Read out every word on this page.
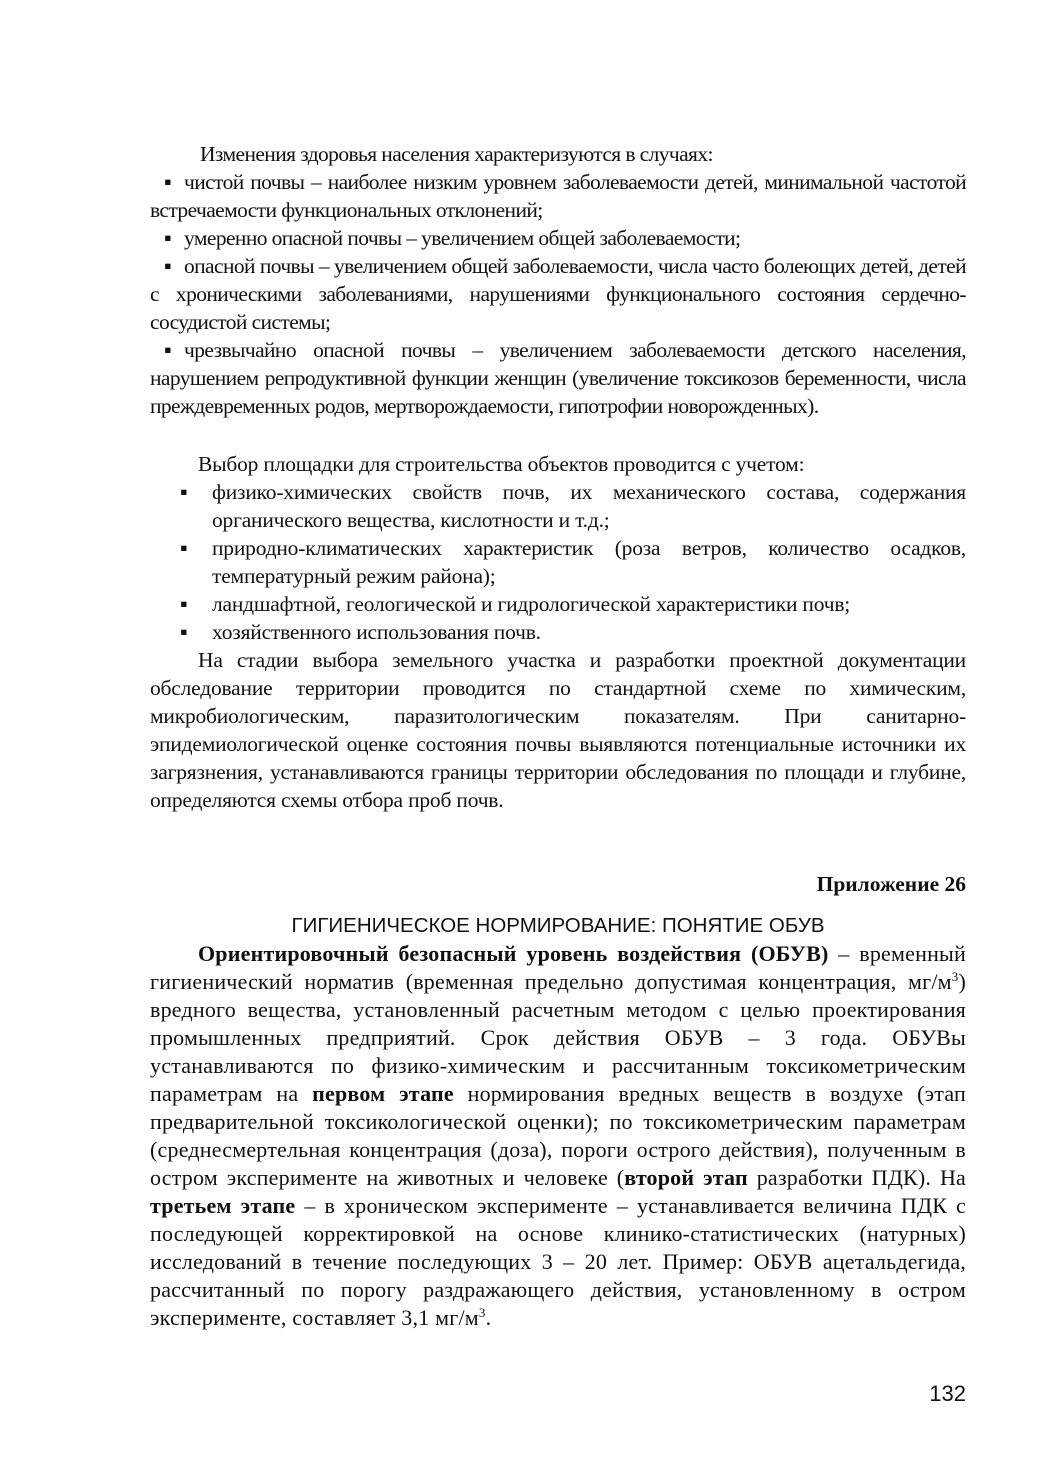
Изменения здоровья населения характеризуются в случаях:

▪ чистой почвы – наиболее низким уровнем заболеваемости детей, минимальной частотой встречаемости функциональных отклонений;

▪ умеренно опасной почвы – увеличением общей заболеваемости;

▪ опасной почвы – увеличением общей заболеваемости, числа часто болеющих детей, детей с хроническими заболеваниями, нарушениями функционального состояния сердечно-сосудистой системы;

▪ чрезвычайно опасной почвы – увеличением заболеваемости детского населения, нарушением репродуктивной функции женщин (увеличение токсикозов беременности, числа преждевременных родов, мертворождаемости, гипотрофии новорожденных).

Выбор площадки для строительства объектов проводится с учетом:

▪ физико-химических свойств почв, их механического состава, содержания органического вещества, кислотности и т.д.;
▪ природно-климатических характеристик (роза ветров, количество осадков, температурный режим района);
▪ ландшафтной, геологической и гидрологической характеристики почв;
▪ хозяйственного использования почв.

На стадии выбора земельного участка и разработки проектной документации обследование территории проводится по стандартной схеме по химическим, микробиологическим, паразитологическим показателям. При санитарно-эпидемиологической оценке состояния почвы выявляются потенциальные источники их загрязнения, устанавливаются границы территории обследования по площади и глубине, определяются схемы отбора проб почв.

Приложение 26

ГИГИЕНИЧЕСКОЕ НОРМИРОВАНИЕ: ПОНЯТИЕ ОБУВ

Ориентировочный безопасный уровень воздействия (ОБУВ) – временный гигиенический норматив (временная предельно допустимая концентрация, $мг/м^3$) вредного вещества, установленный расчетным методом с целью проектирования промышленных предприятий. Срок действия ОБУВ – 3 года. ОБУВы устанавливаются по физико-химическим и рассчитанным токсикометрическим параметрам на первом этапе нормирования вредных веществ в воздухе (этап предварительной токсикологической оценки); по токсикометрическим параметрам (среднесмертельная концентрация (доза), пороги острого действия), полученным в остром эксперименте на животных и человеке (второй этап разработки ПДК). На третьем этапе – в хроническом эксперименте – устанавливается величина ПДК с последующей корректировкой на основе клинико-статистических (натурных) исследований в течение последующих 3 – 20 лет. Пример: ОБУВ ацетальдегида, рассчитанный по порогу раздражающего действия, установленному в остром эксперименте, составляет 3,1 $мг/м^3$.

132
